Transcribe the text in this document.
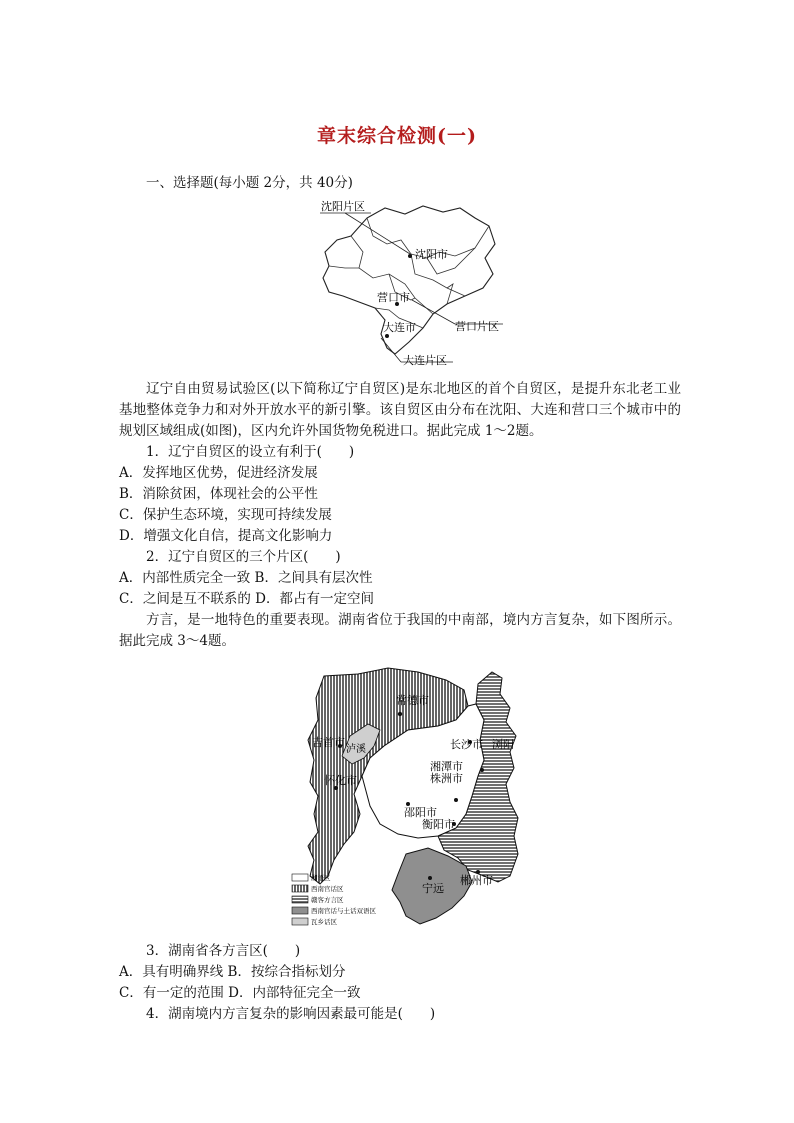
章末综合检测(一)
一、选择题(每小题 2分，共 40分)
沈阳片区
沈阳市
营口市
营口片区
大连市
大连片区
辽宁自由贸易试验区(以下简称辽宁自贸区)是东北地区的首个自贸区，是提升东北老工业基地整体竞争力和对外开放水平的新引擎。该自贸区由分布在沈阳、大连和营口三个城市中的规划区域组成(如图)，区内允许外国货物免税进口。据此完成 1～2题。
1．辽宁自贸区的设立有利于(　　)
A．发挥地区优势，促进经济发展
B．消除贫困，体现社会的公平性
C．保护生态环境，实现可持续发展
D．增强文化自信，提高文化影响力
2．辽宁自贸区的三个片区(　　)
A．内部性质完全一致 B．之间具有层次性
C．之间是互不联系的 D．都占有一定空间
方言，是一地特色的重要表现。湖南省位于我国的中南部，境内方言复杂，如下图所示。据此完成 3～4题。
常德市
吉首市
泸溪
怀化市
长沙市 浏阳
湘潭市
株洲市
邵阳市
衡阳市
宁远
郴州市
湘语区
西南官话区
赣客方言区
西南官话与土话双语区
瓦乡话区
3．湖南省各方言区(　　)
A．具有明确界线 B．按综合指标划分
C．有一定的范围 D．内部特征完全一致
4．湖南境内方言复杂的影响因素最可能是(　　)
